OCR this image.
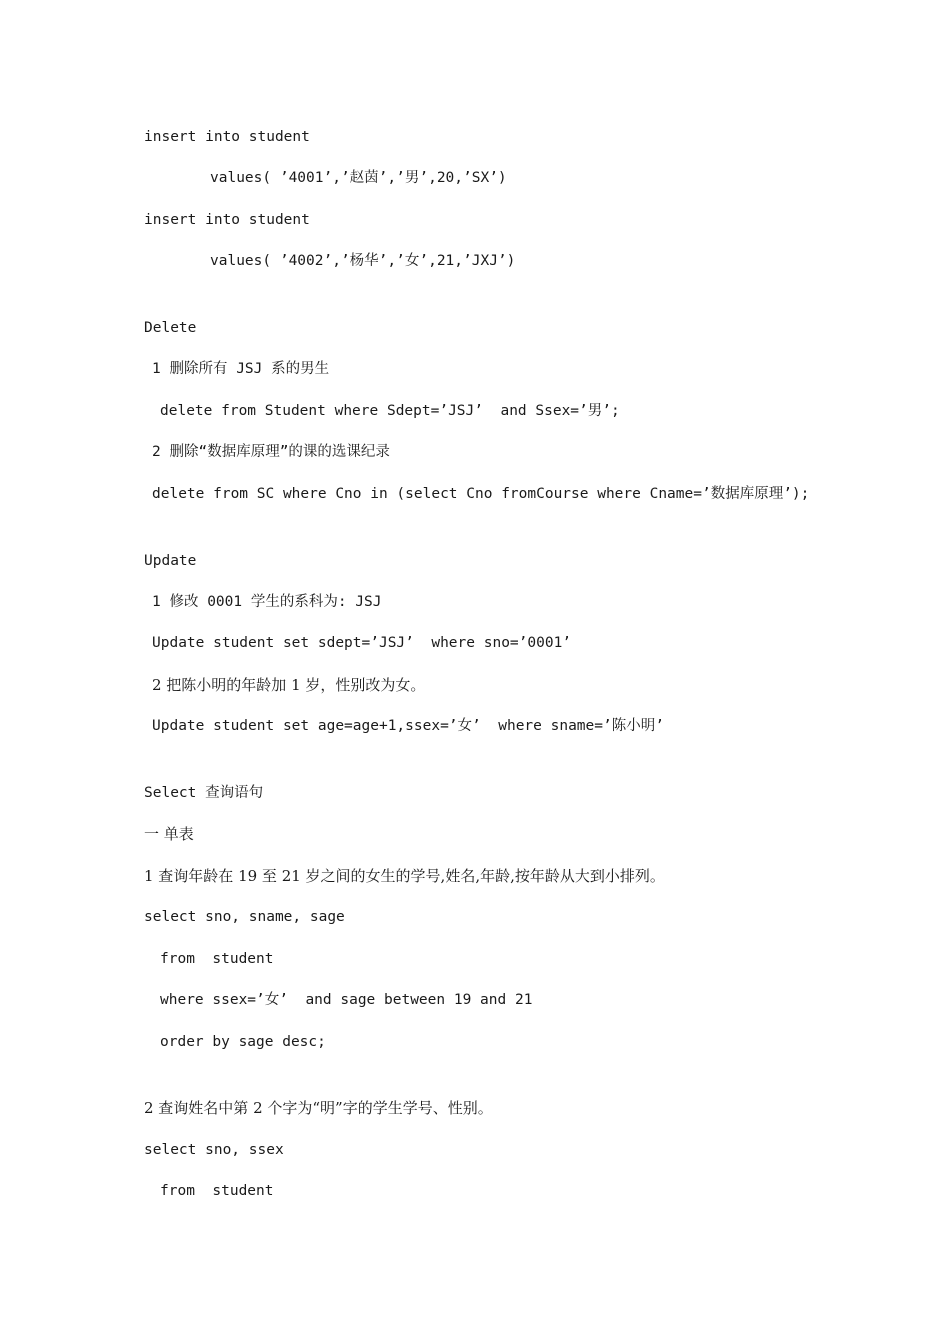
insert into student
values( ’4001’,’赵茵’,’男’,20,’SX’)
insert into student
values( ’4002’,’杨华’,’女’,21,’JXJ’)
Delete
1 删除所有 JSJ 系的男生
delete from Student where Sdept=’JSJ’  and Ssex=’男’;
2 删除“数据库原理”的课的选课纪录
delete from SC where Cno in (select Cno fromCourse where Cname=’数据库原理’);
Update
1 修改 0001 学生的系科为: JSJ
Update student set sdept=’JSJ’  where sno=’0001’
2 把陈小明的年龄加 1 岁，性别改为女。
Update student set age=age+1,ssex=’女’  where sname=’陈小明’
Select 查询语句
一 单表
1 查询年龄在 19 至 21 岁之间的女生的学号,姓名,年龄,按年龄从大到小排列。
select sno, sname, sage
from  student
where ssex=’女’  and sage between 19 and 21
order by sage desc;
2 查询姓名中第 2 个字为“明”字的学生学号、性别。
select sno, ssex
from  student
